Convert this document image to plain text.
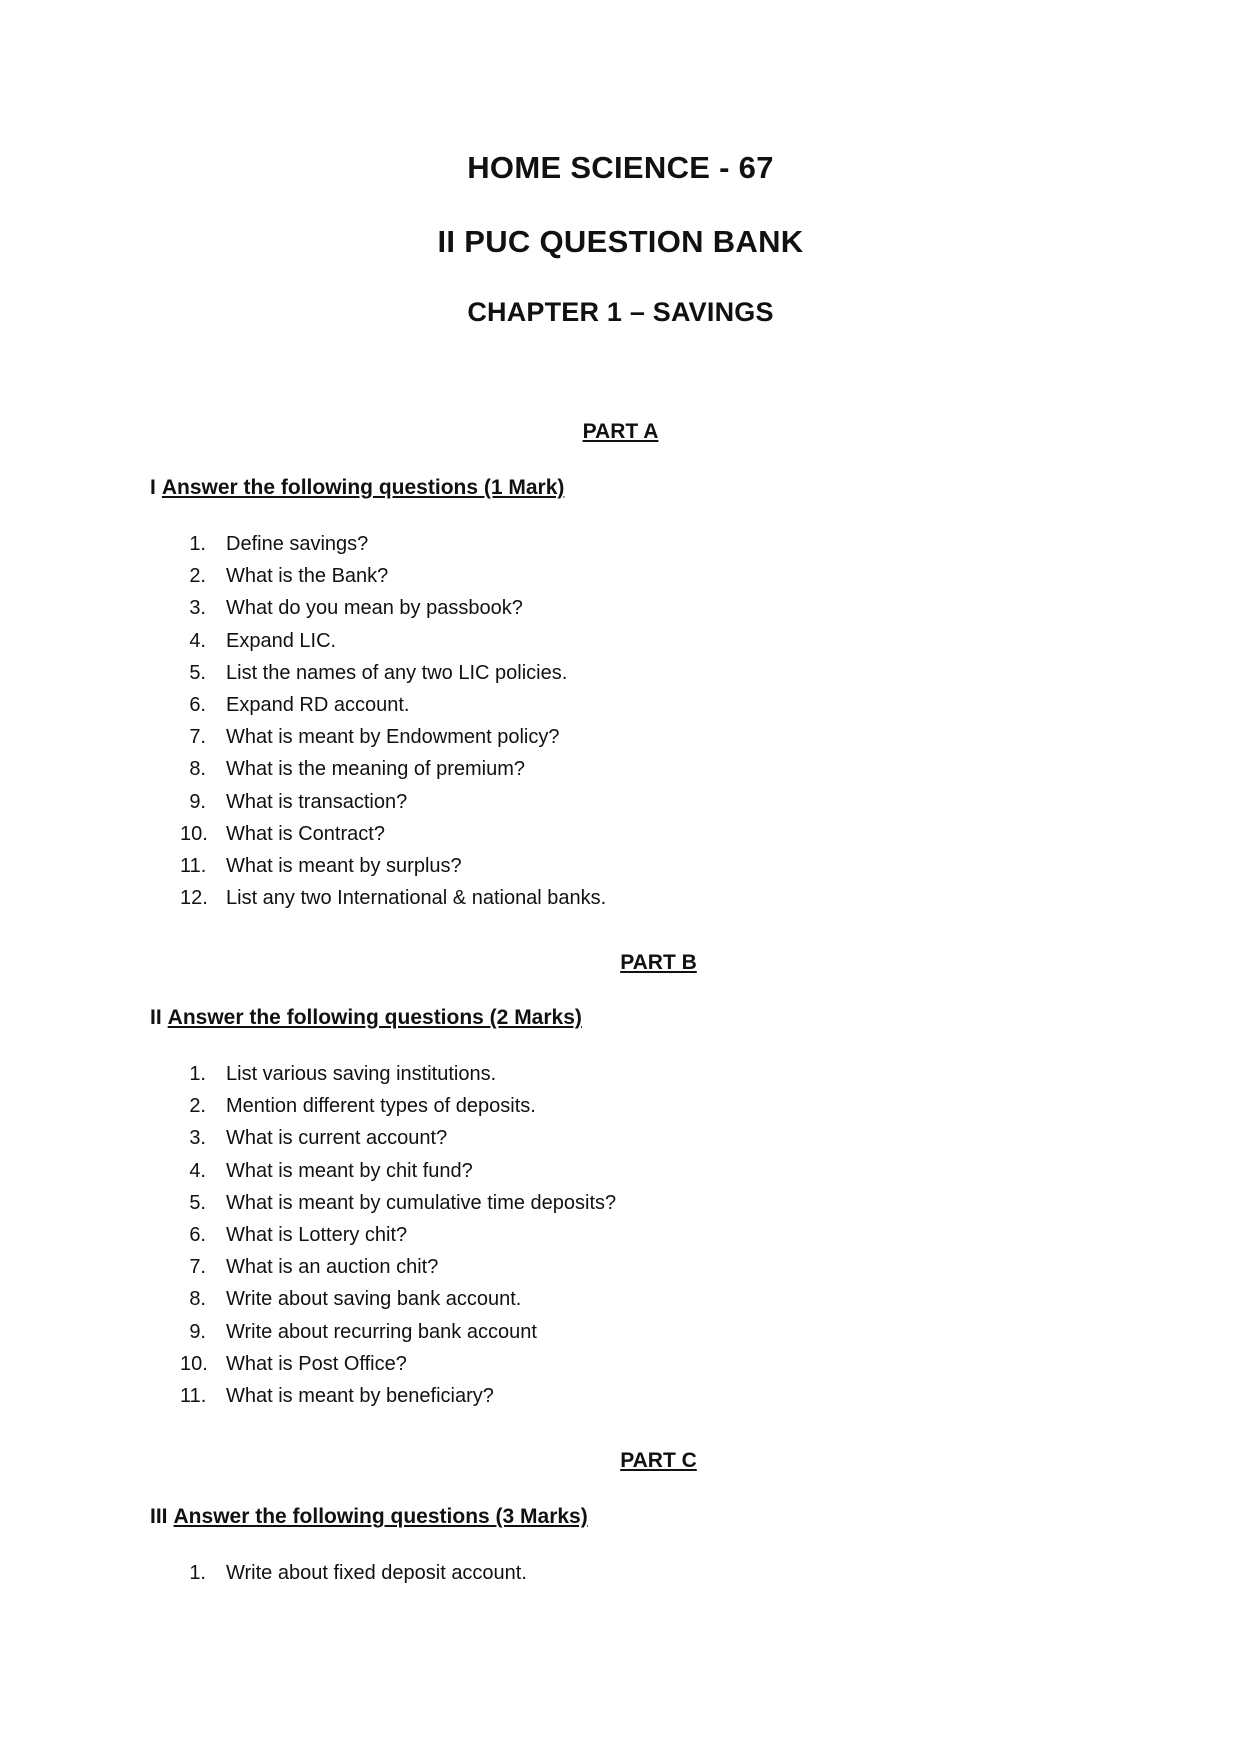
HOME SCIENCE - 67
II PUC QUESTION BANK
CHAPTER 1 – SAVINGS
PART A
I Answer the following questions (1 Mark)
1. Define savings?
2. What is the Bank?
3. What do you mean by passbook?
4. Expand LIC.
5. List the names of any two LIC policies.
6. Expand RD account.
7. What is meant by Endowment policy?
8. What is the meaning of premium?
9. What is transaction?
10. What is Contract?
11. What is meant by surplus?
12. List any two International & national banks.
PART B
II Answer the following questions (2 Marks)
1. List various saving institutions.
2. Mention different types of deposits.
3. What is current account?
4. What is meant by chit fund?
5. What is meant by cumulative time deposits?
6. What is Lottery chit?
7. What is an auction chit?
8. Write about saving bank account.
9. Write about recurring bank account
10. What is Post Office?
11. What is meant by beneficiary?
PART C
III Answer the following questions (3 Marks)
1. Write about fixed deposit account.
